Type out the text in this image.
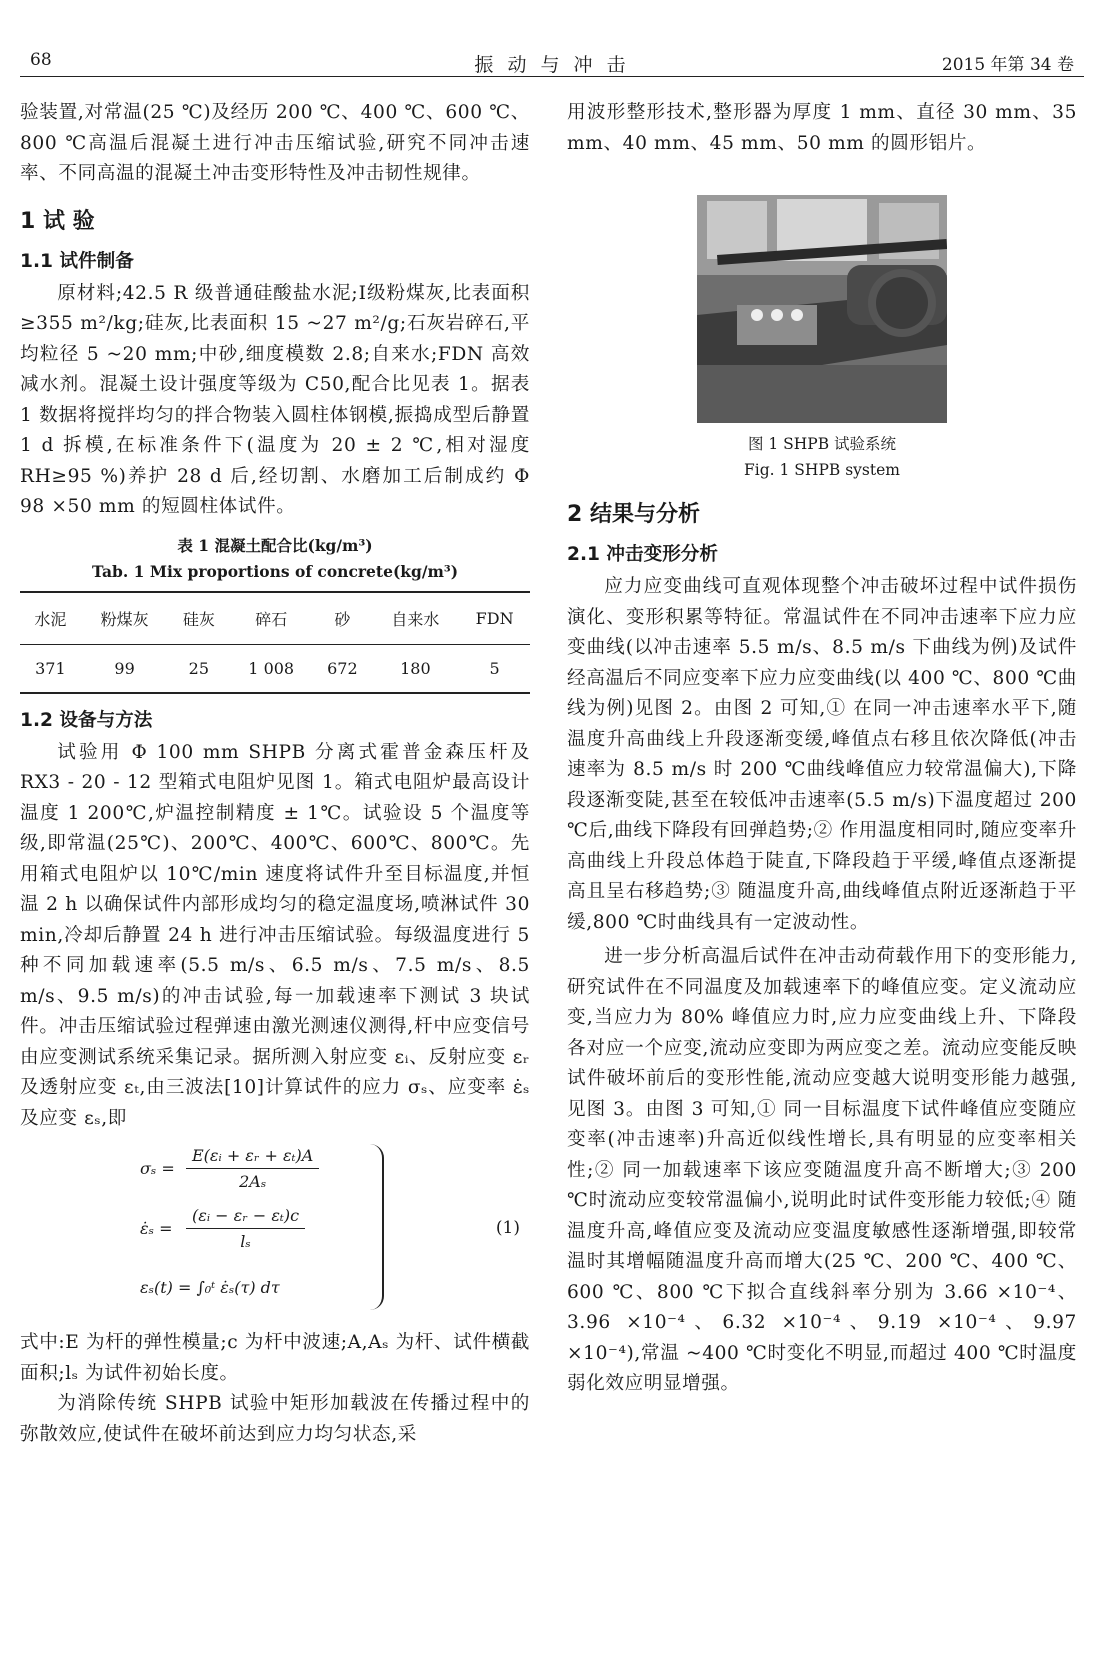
68	振 动 与 冲 击	2015 年第 34 卷

验装置,对常温(25 ℃)及经历 200 ℃、400 ℃、600 ℃、800 ℃高温后混凝土进行冲击压缩试验,研究不同冲击速率、不同高温的混凝土冲击变形特性及冲击韧性规律。

1 试 验
1.1 试件制备

原材料;42.5 R 级普通硅酸盐水泥;Ⅰ级粉煤灰,比表面积≥355 m²/kg;硅灰,比表面积 15 ~27 m²/g;石灰岩碎石,平均粒径 5 ~20 mm;中砂,细度模数 2.8;自来水;FDN 高效减水剂。混凝土设计强度等级为 C50,配合比见表 1。据表 1 数据将搅拌均匀的拌合物装入圆柱体钢模,振捣成型后静置 1 d 拆模,在标准条件下(温度为 20 ± 2 ℃,相对湿度 RH≥95 %)养护 28 d 后,经切割、水磨加工后制成约 Φ 98 ×50 mm 的短圆柱体试件。

表 1 混凝土配合比(kg/m³)
Tab. 1 Mix proportions of concrete(kg/m³)
水泥	粉煤灰	硅灰	碎石	砂	自来水	FDN
371	99	25	1 008	672	180	5
1.2 设备与方法

试验用 Φ 100 mm SHPB 分离式霍普金森压杆及 RX3 - 20 - 12 型箱式电阻炉见图 1。箱式电阻炉最高设计温度 1 200℃,炉温控制精度 ± 1℃。试验设 5 个温度等级,即常温(25℃)、200℃、400℃、600℃、800℃。先用箱式电阻炉以 10℃/min 速度将试件升至目标温度,并恒温 2 h 以确保试件内部形成均匀的稳定温度场,喷淋试件 30 min,冷却后静置 24 h 进行冲击压缩试验。每级温度进行 5 种不同加载速率(5.5 m/s、6.5 m/s、7.5 m/s、8.5 m/s、9.5 m/s)的冲击试验,每一加载速率下测试 3 块试件。冲击压缩试验过程弹速由激光测速仪测得,杆中应变信号由应变测试系统采集记录。据所测入射应变 εᵢ、反射应变 εᵣ 及透射应变 εₜ,由三波法[10]计算试件的应力 σₛ、应变率 ε̇ₛ 及应变 εₛ,即

$\sigma_s = \frac{\text{E(εᵢ + εᵣ + εₜ)A}}{\text{2Aₛ}}$
ε̇ₛ = $\frac{\text{(εᵢ − εᵣ − εₜ)c}}{\text{lₛ}}$
εₛ(t) = ∫₀ᵗ ε̇ₛ(τ) dτ
(1)

式中:E 为杆的弹性模量;c 为杆中波速;A,Aₛ 为杆、试件横截面积;lₛ 为试件初始长度。

为消除传统 SHPB 试验中矩形加载波在传播过程中的弥散效应,使试件在破坏前达到应力均匀状态,采

用波形整形技术,整形器为厚度 1 mm、直径 30 mm、35 mm、40 mm、45 mm、50 mm 的圆形铝片。

图 1 SHPB 试验系统
Fig. 1 SHPB system
2 结果与分析
2.1 冲击变形分析

应力应变曲线可直观体现整个冲击破坏过程中试件损伤演化、变形积累等特征。常温试件在不同冲击速率下应力应变曲线(以冲击速率 5.5 m/s、8.5 m/s 下曲线为例)及试件经高温后不同应变率下应力应变曲线(以 400 ℃、800 ℃曲线为例)见图 2。由图 2 可知,① 在同一冲击速率水平下,随温度升高曲线上升段逐渐变缓,峰值点右移且依次降低(冲击速率为 8.5 m/s 时 200 ℃曲线峰值应力较常温偏大),下降段逐渐变陡,甚至在较低冲击速率(5.5 m/s)下温度超过 200 ℃后,曲线下降段有回弹趋势;② 作用温度相同时,随应变率升高曲线上升段总体趋于陡直,下降段趋于平缓,峰值点逐渐提高且呈右移趋势;③ 随温度升高,曲线峰值点附近逐渐趋于平缓,800 ℃时曲线具有一定波动性。

进一步分析高温后试件在冲击动荷载作用下的变形能力,研究试件在不同温度及加载速率下的峰值应变。定义流动应变,当应力为 80% 峰值应力时,应力应变曲线上升、下降段各对应一个应变,流动应变即为两应变之差。流动应变能反映试件破坏前后的变形性能,流动应变越大说明变形能力越强,见图 3。由图 3 可知,① 同一目标温度下试件峰值应变随应变率(冲击速率)升高近似线性增长,具有明显的应变率相关性;② 同一加载速率下该应变随温度升高不断增大;③ 200 ℃时流动应变较常温偏小,说明此时试件变形能力较低;④ 随温度升高,峰值应变及流动应变温度敏感性逐渐增强,即较常温时其增幅随温度升高而增大(25 ℃、200 ℃、400 ℃、600 ℃、800 ℃下拟合直线斜率分别为 3.66 ×10⁻⁴、3.96 ×10⁻⁴、6.32 ×10⁻⁴、9.19 ×10⁻⁴、9.97 ×10⁻⁴),常温 ~400 ℃时变化不明显,而超过 400 ℃时温度弱化效应明显增强。
